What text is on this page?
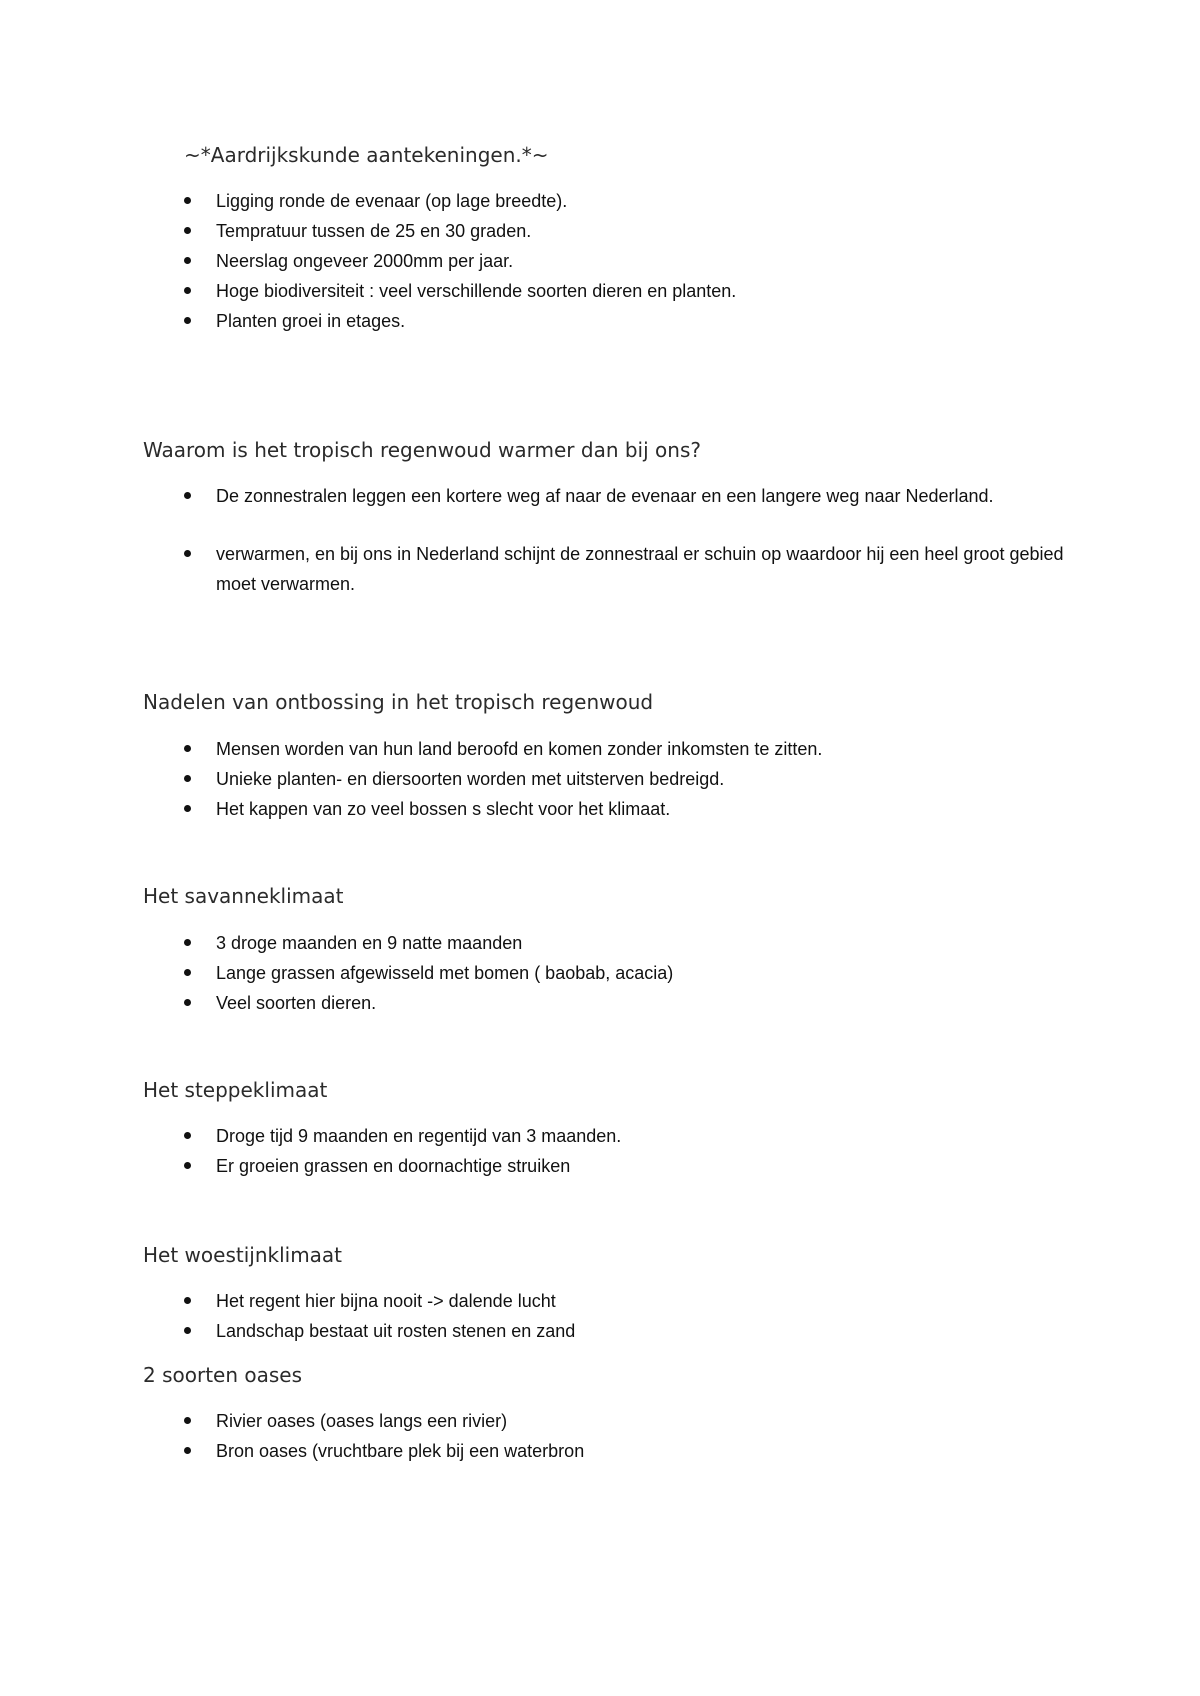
~*Aardrijkskunde aantekeningen.*~
Ligging ronde de evenaar (op lage breedte).
Tempratuur tussen de 25 en 30 graden.
Neerslag ongeveer 2000mm per jaar.
Hoge biodiversiteit : veel verschillende soorten dieren en planten.
Planten groei in etages.
Waarom is het tropisch regenwoud warmer dan bij ons?
De zonnestralen leggen een kortere weg af naar de evenaar en een langere weg naar Nederland.
verwarmen, en bij ons in Nederland schijnt de zonnestraal er schuin op waardoor hij een heel groot gebied moet verwarmen.
Nadelen van ontbossing in het tropisch regenwoud
Mensen worden van hun land beroofd en komen zonder inkomsten te zitten.
Unieke planten- en diersoorten worden met uitsterven bedreigd.
Het kappen van zo veel bossen s slecht voor het klimaat.
Het savanneklimaat
3 droge maanden en 9 natte maanden
Lange grassen afgewisseld met bomen ( baobab, acacia)
Veel soorten dieren.
Het steppeklimaat
Droge tijd 9 maanden en regentijd van 3 maanden.
Er groeien grassen en doornachtige struiken
Het woestijnklimaat
Het regent hier bijna nooit -> dalende lucht
Landschap bestaat uit rosten stenen en zand
2 soorten oases
Rivier oases (oases langs een rivier)
Bron oases (vruchtbare plek bij een waterbron
